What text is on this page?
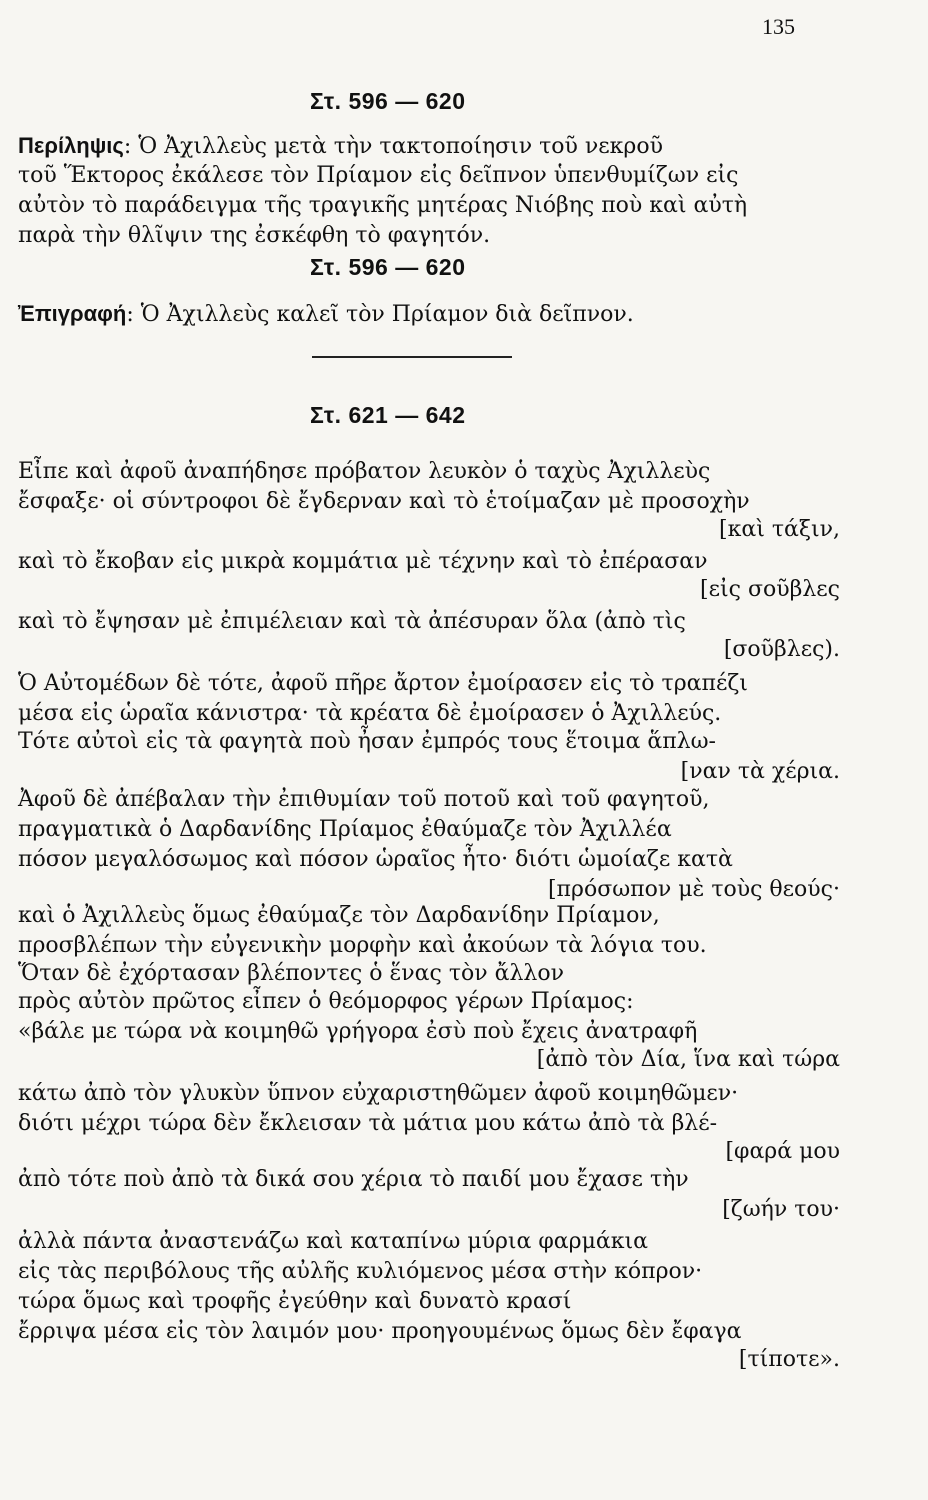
135
Στ. 596 — 620
Περίληψις: Ὁ Ἀχιλλεὺς μετὰ τὴν τακτοποίησιν τοῦ νεκροῦ
τοῦ Ἕκτορος ἐκάλεσε τὸν Πρίαμον εἰς δεῖπνον ὑπενθυμίζων εἰς
αὐτὸν τὸ παράδειγμα τῆς τραγικῆς μητέρας Νιόβης ποὺ καὶ αὐτὴ
παρὰ τὴν θλῖψιν της ἐσκέφθη τὸ φαγητόν.
Στ. 596 — 620
Ἐπιγραφή: Ὁ Ἀχιλλεὺς καλεῖ τὸν Πρίαμον διὰ δεῖπνον.
Στ. 621 — 642
Εἶπε καὶ ἀφοῦ ἀναπήδησε πρόβατον λευκὸν ὁ ταχὺς Ἀχιλλεὺς
ἔσφαξε· οἱ σύντροφοι δὲ ἔγδερναν καὶ τὸ ἑτοίμαζαν μὲ προσοχὴν
[καὶ τάξιν,
καὶ τὸ ἔκοβαν εἰς μικρὰ κομμάτια μὲ τέχνην καὶ τὸ ἐπέρασαν
[εἰς σοῦβλες
καὶ τὸ ἔψησαν μὲ ἐπιμέλειαν καὶ τὰ ἀπέσυραν ὅλα (ἀπὸ τὶς
[σοῦβλες).
Ὁ Αὐτομέδων δὲ τότε, ἀφοῦ πῆρε ἄρτον ἐμοίρασεν εἰς τὸ τραπέζι
μέσα εἰς ὡραῖα κάνιστρα· τὰ κρέατα δὲ ἐμοίρασεν ὁ Ἀχιλλεύς.
Τότε αὐτοὶ εἰς τὰ φαγητὰ ποὺ ἦσαν ἐμπρός τους ἕτοιμα ἅπλω-
[ναν τὰ χέρια.
Ἀφοῦ δὲ ἀπέβαλαν τὴν ἐπιθυμίαν τοῦ ποτοῦ καὶ τοῦ φαγητοῦ,
πραγματικὰ ὁ Δαρδανίδης Πρίαμος ἐθαύμαζε τὸν Ἀχιλλέα
πόσον μεγαλόσωμος καὶ πόσον ὡραῖος ἦτο· διότι ὡμοίαζε κατὰ
[πρόσωπον μὲ τοὺς θεούς·
καὶ ὁ Ἀχιλλεὺς ὅμως ἐθαύμαζε τὸν Δαρδανίδην Πρίαμον,
προσβλέπων τὴν εὐγενικὴν μορφὴν καὶ ἀκούων τὰ λόγια του.
Ὅταν δὲ ἐχόρτασαν βλέποντες ὁ ἕνας τὸν ἄλλον
πρὸς αὐτὸν πρῶτος εἶπεν ὁ θεόμορφος γέρων Πρίαμος:
«βάλε με τώρα νὰ κοιμηθῶ γρήγορα ἐσὺ ποὺ ἔχεις ἀνατραφῆ
[ἀπὸ τὸν Δία, ἵνα καὶ τώρα
κάτω ἀπὸ τὸν γλυκὺν ὕπνον εὐχαριστηθῶμεν ἀφοῦ κοιμηθῶμεν·
διότι μέχρι τώρα δὲν ἔκλεισαν τὰ μάτια μου κάτω ἀπὸ τὰ βλέ-
[φαρά μου
ἀπὸ τότε ποὺ ἀπὸ τὰ δικά σου χέρια τὸ παιδί μου ἔχασε τὴν
[ζωήν του·
ἀλλὰ πάντα ἀναστενάζω καὶ καταπίνω μύρια φαρμάκια
εἰς τὰς περιβόλους τῆς αὐλῆς κυλιόμενος μέσα στὴν κόπρον·
τώρα ὅμως καὶ τροφῆς ἐγεύθην καὶ δυνατὸ κρασί
ἔρριψα μέσα εἰς τὸν λαιμόν μου· προηγουμένως ὅμως δὲν ἔφαγα
[τίποτε».
